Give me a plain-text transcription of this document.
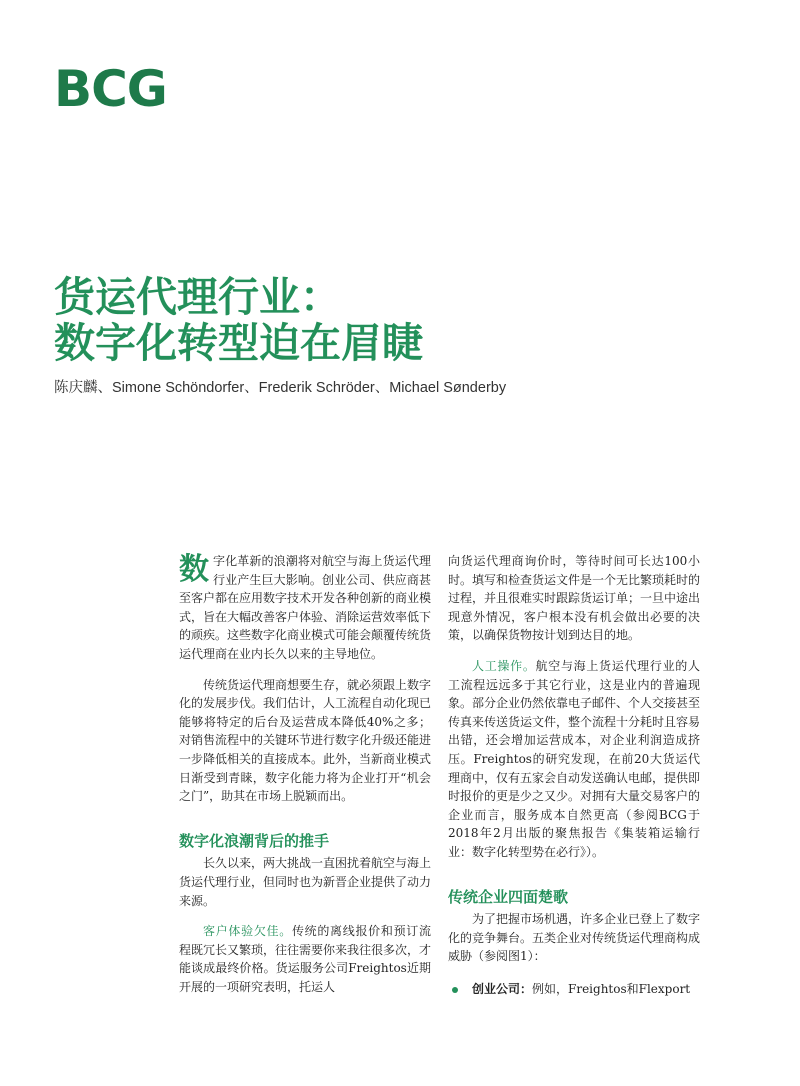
BCG
货运代理行业：
数字化转型迫在眉睫
陈庆麟、Simone Schöndorfer、Frederik Schröder、Michael Sønderby

数字化革新的浪潮将对航空与海上货运代理行业产生巨大影响。创业公司、供应商甚至客户都在应用数字技术开发各种创新的商业模式，旨在大幅改善客户体验、消除运营效率低下的顽疾。这些数字化商业模式可能会颠覆传统货运代理商在业内长久以来的主导地位。

传统货运代理商想要生存，就必须跟上数字化的发展步伐。我们估计，人工流程自动化现已能够将特定的后台及运营成本降低40%之多；对销售流程中的关键环节进行数字化升级还能进一步降低相关的直接成本。此外，当新商业模式日渐受到青睐，数字化能力将为企业打开“机会之门”，助其在市场上脱颖而出。

数字化浪潮背后的推手

长久以来，两大挑战一直困扰着航空与海上货运代理行业，但同时也为新晋企业提供了动力来源。

客户体验欠佳。传统的离线报价和预订流程既冗长又繁琐，往往需要你来我往很多次，才能谈成最终价格。货运服务公司Freightos近期开展的一项研究表明，托运人

向货运代理商询价时，等待时间可长达100小时。填写和检查货运文件是一个无比繁琐耗时的过程，并且很难实时跟踪货运订单；一旦中途出现意外情况，客户根本没有机会做出必要的决策，以确保货物按计划到达目的地。

人工操作。航空与海上货运代理行业的人工流程远远多于其它行业，这是业内的普遍现象。部分企业仍然依靠电子邮件、个人交接甚至传真来传送货运文件，整个流程十分耗时且容易出错，还会增加运营成本，对企业利润造成挤压。Freightos的研究发现，在前20大货运代理商中，仅有五家会自动发送确认电邮，提供即时报价的更是少之又少。对拥有大量交易客户的企业而言，服务成本自然更高（参阅BCG于2018年2月出版的聚焦报告《集装箱运输行业：数字化转型势在必行》）。

传统企业四面楚歌

为了把握市场机遇，许多企业已登上了数字化的竞争舞台。五类企业对传统货运代理商构成威胁（参阅图1）：

创业公司：例如，Freightos和Flexport
